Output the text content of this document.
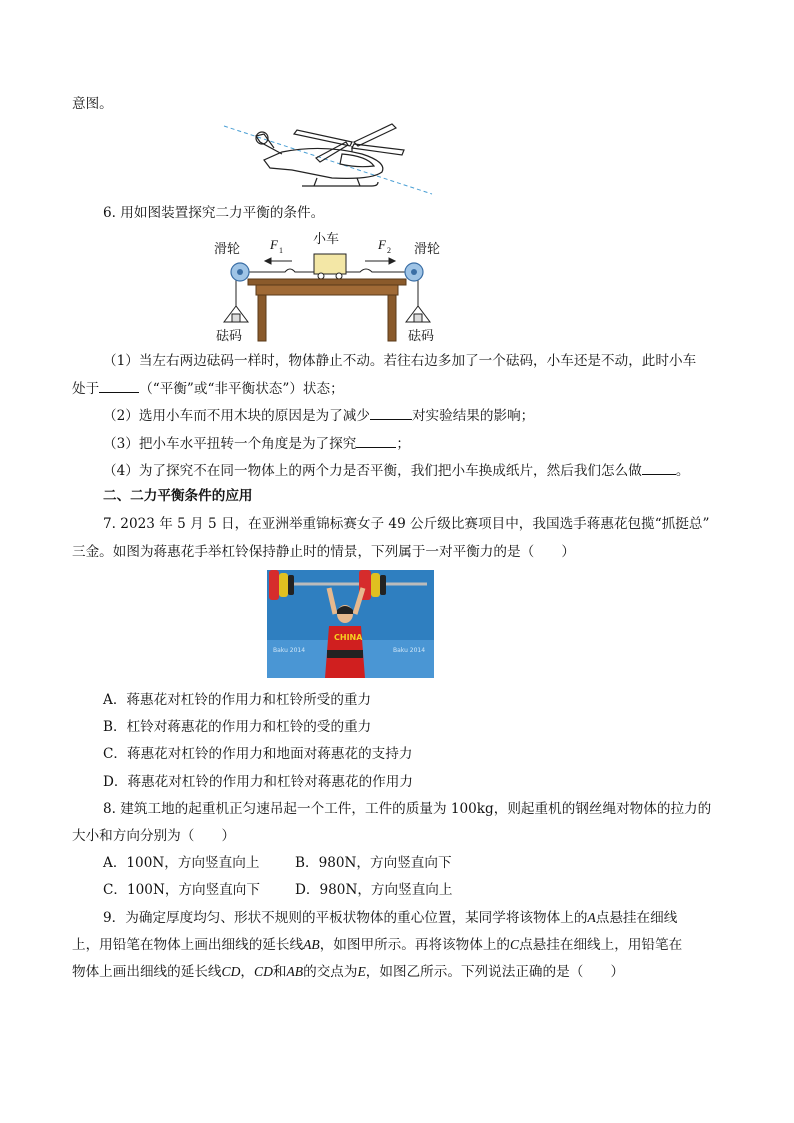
意图。
6. 用如图装置探究二力平衡的条件。
滑轮	滑轮
小车
F 1	F 2
砝码	砝码
（1）当左右两边砝码一样时，物体静止不动。若往右边多加了一个砝码，小车还是不动，此时小车
处于	（“平衡”或“非平衡状态”）状态；
（2）选用小车而不用木块的原因是为了减少	对实验结果的影响；
（3）把小车水平扭转一个角度是为了探究	；
（4）为了探究不在同一物体上的两个力是否平衡，我们把小车换成纸片，然后我们怎么做	。
二、二力平衡条件的应用
7. 2023 年 5 月 5 日，在亚洲举重锦标赛女子 49 公斤级比赛项目中，我国选手蒋惠花包揽“抓挺总”
三金。如图为蒋惠花手举杠铃保持静止时的情景，下列属于一对平衡力的是（　　）
Baku 2014	Baku 2014
CHINA
A．蒋惠花对杠铃的作用力和杠铃所受的重力
B．杠铃对蒋惠花的作用力和杠铃的受的重力
C．蒋惠花对杠铃的作用力和地面对蒋惠花的支持力
D．蒋惠花对杠铃的作用力和杠铃对蒋惠花的作用力
8. 建筑工地的起重机正匀速吊起一个工件，工件的质量为 100kg，则起重机的钢丝绳对物体的拉力的
大小和方向分别为（　　）
A．100N，方向竖直向上	B．980N，方向竖直向下
C．100N，方向竖直向下	D．980N，方向竖直向上
9．为确定厚度均匀、形状不规则的平板状物体的重心位置，某同学将该物体上的A点悬挂在细线
上，用铅笔在物体上画出细线的延长线AB，如图甲所示。再将该物体上的C点悬挂在细线上，用铅笔在
物体上画出细线的延长线CD，CD和AB的交点为E，如图乙所示。下列说法正确的是（　　）
